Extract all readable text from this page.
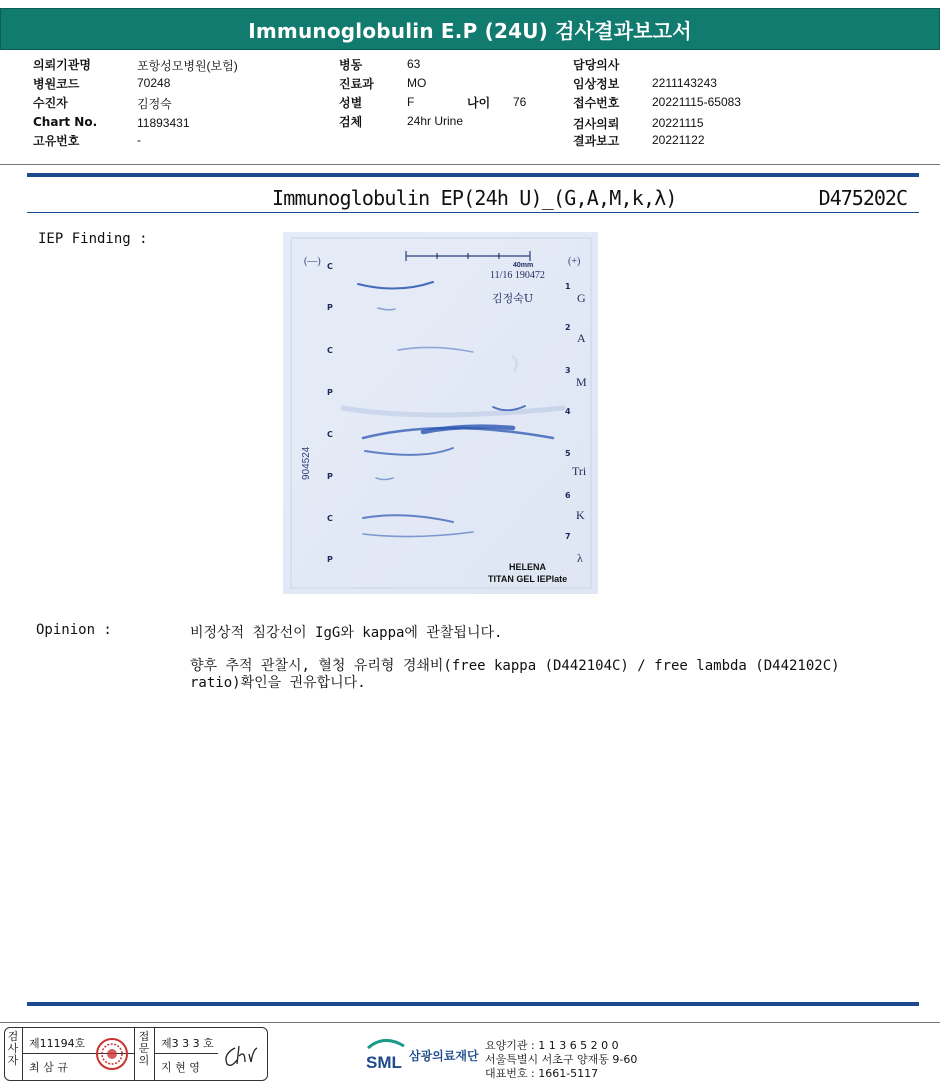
Immunoglobulin E.P (24U) 검사결과보고서
의뢰기관명	포항성모병원(보험)
병원코드	70248
수진자	김정숙
Chart No.	11893431
고유번호	-
병동	63
진료과	MO
성별	F	나이 76
검체	24hr Urine
담당의사
임상정보	2211143243
접수번호	20221115-65083
검사의뢰	20221115
결과보고	20221122
Immunoglobulin EP(24h U)_(G,A,M,k,λ)	D475202C
IEP Finding :
904524
(—)	(+)
40mm
11/16 190472
김정숙U
C
P
C
P
C
P
C
P
1
2
3
4
5
6
7
G
A
M
Tri
K
λ
HELENA
TITAN GEL IEPlate
Opinion :	비정상적 침강선이 IgG와 kappa에 관찰됩니다.
향후 추적 관찰시, 혈청 유리형 경쇄비(free kappa (D442104C) / free lambda (D442102C)
ratio)확인을 권유합니다.
검
사
자
제11194호
최 삼 규
접
문
의
제3 3 3 호
지 현 영	SML 삼광의료재단
요양기관 : 1 1 3 6 5 2 0 0
서울특별시 서초구 양재동 9-60
대표번호 : 1661-5117
